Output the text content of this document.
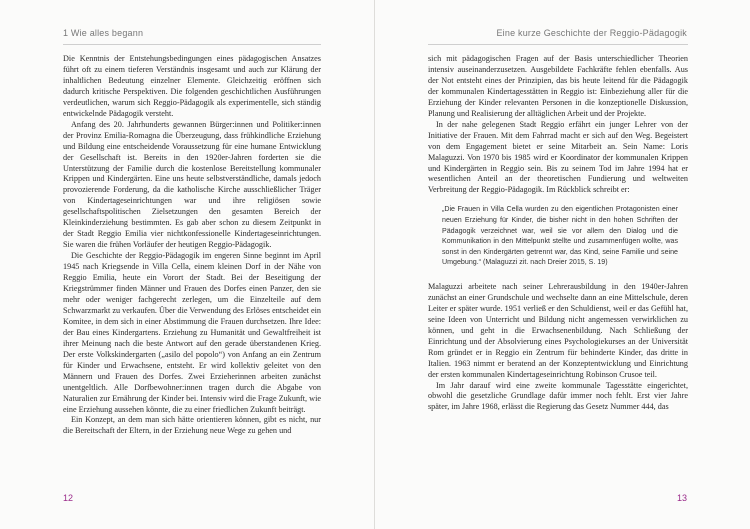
1 Wie alles begann

Die Kenntnis der Entstehungsbedingungen eines pädagogischen Ansatzes führt oft zu einem tieferen Verständnis insgesamt und auch zur Klärung der inhaltlichen Bedeutung einzelner Elemente. Gleichzeitig eröffnen sich dadurch kritische Perspektiven. Die folgenden geschichtlichen Ausführungen verdeutlichen, warum sich Reggio-Pädagogik als experimentelle, sich ständig entwickelnde Pädagogik versteht.

Anfang des 20. Jahrhunderts gewannen Bürger:innen und Politiker:innen der Provinz Emilia-Romagna die Überzeugung, dass frühkindliche Erziehung und Bildung eine entscheidende Voraussetzung für eine humane Entwicklung der Gesellschaft ist. Bereits in den 1920er-Jahren forderten sie die Unterstützung der Familie durch die kostenlose Bereitstellung kommunaler Krippen und Kindergärten. Eine uns heute selbstverständliche, damals jedoch provozierende Forderung, da die katholische Kirche ausschließlicher Träger von Kindertageseinrichtungen war und ihre religiösen sowie gesellschaftspolitischen Zielsetzungen den gesamten Bereich der Kleinkinderziehung bestimmten. Es gab aber schon zu diesem Zeitpunkt in der Stadt Reggio Emilia vier nichtkonfessionelle Kindertageseinrichtungen. Sie waren die frühen Vorläufer der heutigen Reggio-Pädagogik.

Die Geschichte der Reggio-Pädagogik im engeren Sinne beginnt im April 1945 nach Kriegsende in Villa Cella, einem kleinen Dorf in der Nähe von Reggio Emilia, heute ein Vorort der Stadt. Bei der Beseitigung der Kriegstrümmer finden Männer und Frauen des Dorfes einen Panzer, den sie mehr oder weniger fachgerecht zerlegen, um die Einzelteile auf dem Schwarzmarkt zu verkaufen. Über die Verwendung des Erlöses entscheidet ein Komitee, in dem sich in einer Abstimmung die Frauen durchsetzen. Ihre Idee: der Bau eines Kindergartens. Erziehung zu Humanität und Gewaltfreiheit ist ihrer Meinung nach die beste Antwort auf den gerade überstandenen Krieg. Der erste Volkskindergarten („asilo del popolo“) von Anfang an ein Zentrum für Kinder und Erwachsene, entsteht. Er wird kollektiv geleitet von den Männern und Frauen des Dorfes. Zwei Erzieherinnen arbeiten zunächst unentgeltlich. Alle Dorfbewohner:innen tragen durch die Abgabe von Naturalien zur Ernährung der Kinder bei. Intensiv wird die Frage Zukunft, wie eine Erziehung aussehen könnte, die zu einer friedlichen Zukunft beiträgt.

Ein Konzept, an dem man sich hätte orientieren können, gibt es nicht, nur die Bereitschaft der Eltern, in der Erziehung neue Wege zu gehen und

12
Eine kurze Geschichte der Reggio-Pädagogik

sich mit pädagogischen Fragen auf der Basis unterschiedlicher Theorien intensiv auseinanderzusetzen. Ausgebildete Fachkräfte fehlen ebenfalls. Aus der Not entsteht eines der Prinzipien, das bis heute leitend für die Pädagogik der kommunalen Kindertagesstätten in Reggio ist: Einbeziehung aller für die Erziehung der Kinder relevanten Personen in die konzeptionelle Diskussion, Planung und Realisierung der alltäglichen Arbeit und der Projekte.

In der nahe gelegenen Stadt Reggio erfährt ein junger Lehrer von der Initiative der Frauen. Mit dem Fahrrad macht er sich auf den Weg. Begeistert von dem Engagement bietet er seine Mitarbeit an. Sein Name: Loris Malaguzzi. Von 1970 bis 1985 wird er Koordinator der kommunalen Krippen und Kindergärten in Reggio sein. Bis zu seinem Tod im Jahre 1994 hat er wesentlichen Anteil an der theoretischen Fundierung und weltweiten Verbreitung der Reggio-Pädagogik. Im Rückblick schreibt er:

„Die Frauen in Villa Cella wurden zu den eigentlichen Protagonisten einer neuen Erziehung für Kinder, die bisher nicht in den hohen Schriften der Pädagogik verzeichnet war, weil sie vor allem den Dialog und die Kommunikation in den Mittelpunkt stellte und zusammenfügen wollte, was sonst in den Kindergärten getrennt war, das Kind, seine Familie und seine Umgebung.“ (Malaguzzi zit. nach Dreier 2015, S. 19)

Malaguzzi arbeitete nach seiner Lehrerausbildung in den 1940er-Jahren zunächst an einer Grundschule und wechselte dann an eine Mittelschule, deren Leiter er später wurde. 1951 verließ er den Schuldienst, weil er das Gefühl hat, seine Ideen von Unterricht und Bildung nicht angemessen verwirklichen zu können, und geht in die Erwachsenenbildung. Nach Schließung der Einrichtung und der Absolvierung eines Psychologiekurses an der Universität Rom gründet er in Reggio ein Zentrum für behinderte Kinder, das dritte in Italien. 1963 nimmt er beratend an der Konzeptentwicklung und Einrichtung der ersten kommunalen Kindertageseinrichtung Robinson Crusoe teil.

Im Jahr darauf wird eine zweite kommunale Tagesstätte eingerichtet, obwohl die gesetzliche Grundlage dafür immer noch fehlt. Erst vier Jahre später, im Jahre 1968, erlässt die Regierung das Gesetz Nummer 444, das

13
